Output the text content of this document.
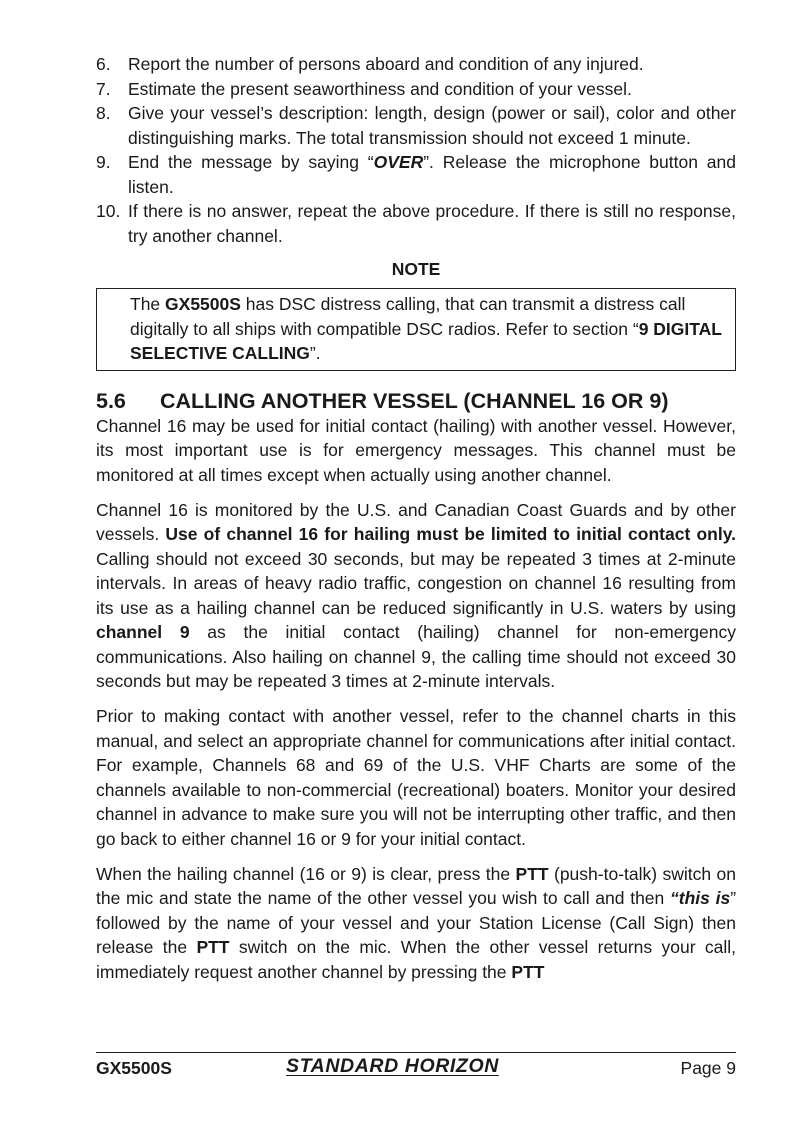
6. Report the number of persons aboard and condition of any injured.
7. Estimate the present seaworthiness and condition of your vessel.
8. Give your vessel’s description: length, design (power or sail), color and other distinguishing marks. The total transmission should not exceed 1 minute.
9. End the message by saying “OVER”. Release the microphone button and listen.
10. If there is no answer, repeat the above procedure. If there is still no response, try another channel.
NOTE
The GX5500S has DSC distress calling, that can transmit a distress call digitally to all ships with compatible DSC radios. Refer to section “9 DIGITAL SELECTIVE CALLING”.
5.6 CALLING ANOTHER VESSEL (CHANNEL 16 OR 9)

Channel 16 may be used for initial contact (hailing) with another vessel. However, its most important use is for emergency messages. This channel must be monitored at all times except when actually using another channel.

Channel 16 is monitored by the U.S. and Canadian Coast Guards and by other vessels. Use of channel 16 for hailing must be limited to initial contact only. Calling should not exceed 30 seconds, but may be repeated 3 times at 2-minute intervals. In areas of heavy radio traffic, congestion on channel 16 resulting from its use as a hailing channel can be reduced significantly in U.S. waters by using channel 9 as the initial contact (hailing) channel for non-emergency communications. Also hailing on channel 9, the calling time should not exceed 30 seconds but may be repeated 3 times at 2-minute intervals.

Prior to making contact with another vessel, refer to the channel charts in this manual, and select an appropriate channel for communications after initial contact. For example, Channels 68 and 69 of the U.S. VHF Charts are some of the channels available to non-commercial (recreational) boaters. Monitor your desired channel in advance to make sure you will not be interrupting other traffic, and then go back to either channel 16 or 9 for your initial contact.

When the hailing channel (16 or 9) is clear, press the PTT (push-to-talk) switch on the mic and state the name of the other vessel you wish to call and then “this is” followed by the name of your vessel and your Station License (Call Sign) then release the PTT switch on the mic. When the other vessel returns your call, immediately request another channel by pressing the PTT

GX5500S	STANDARD HORIZON	Page 9
